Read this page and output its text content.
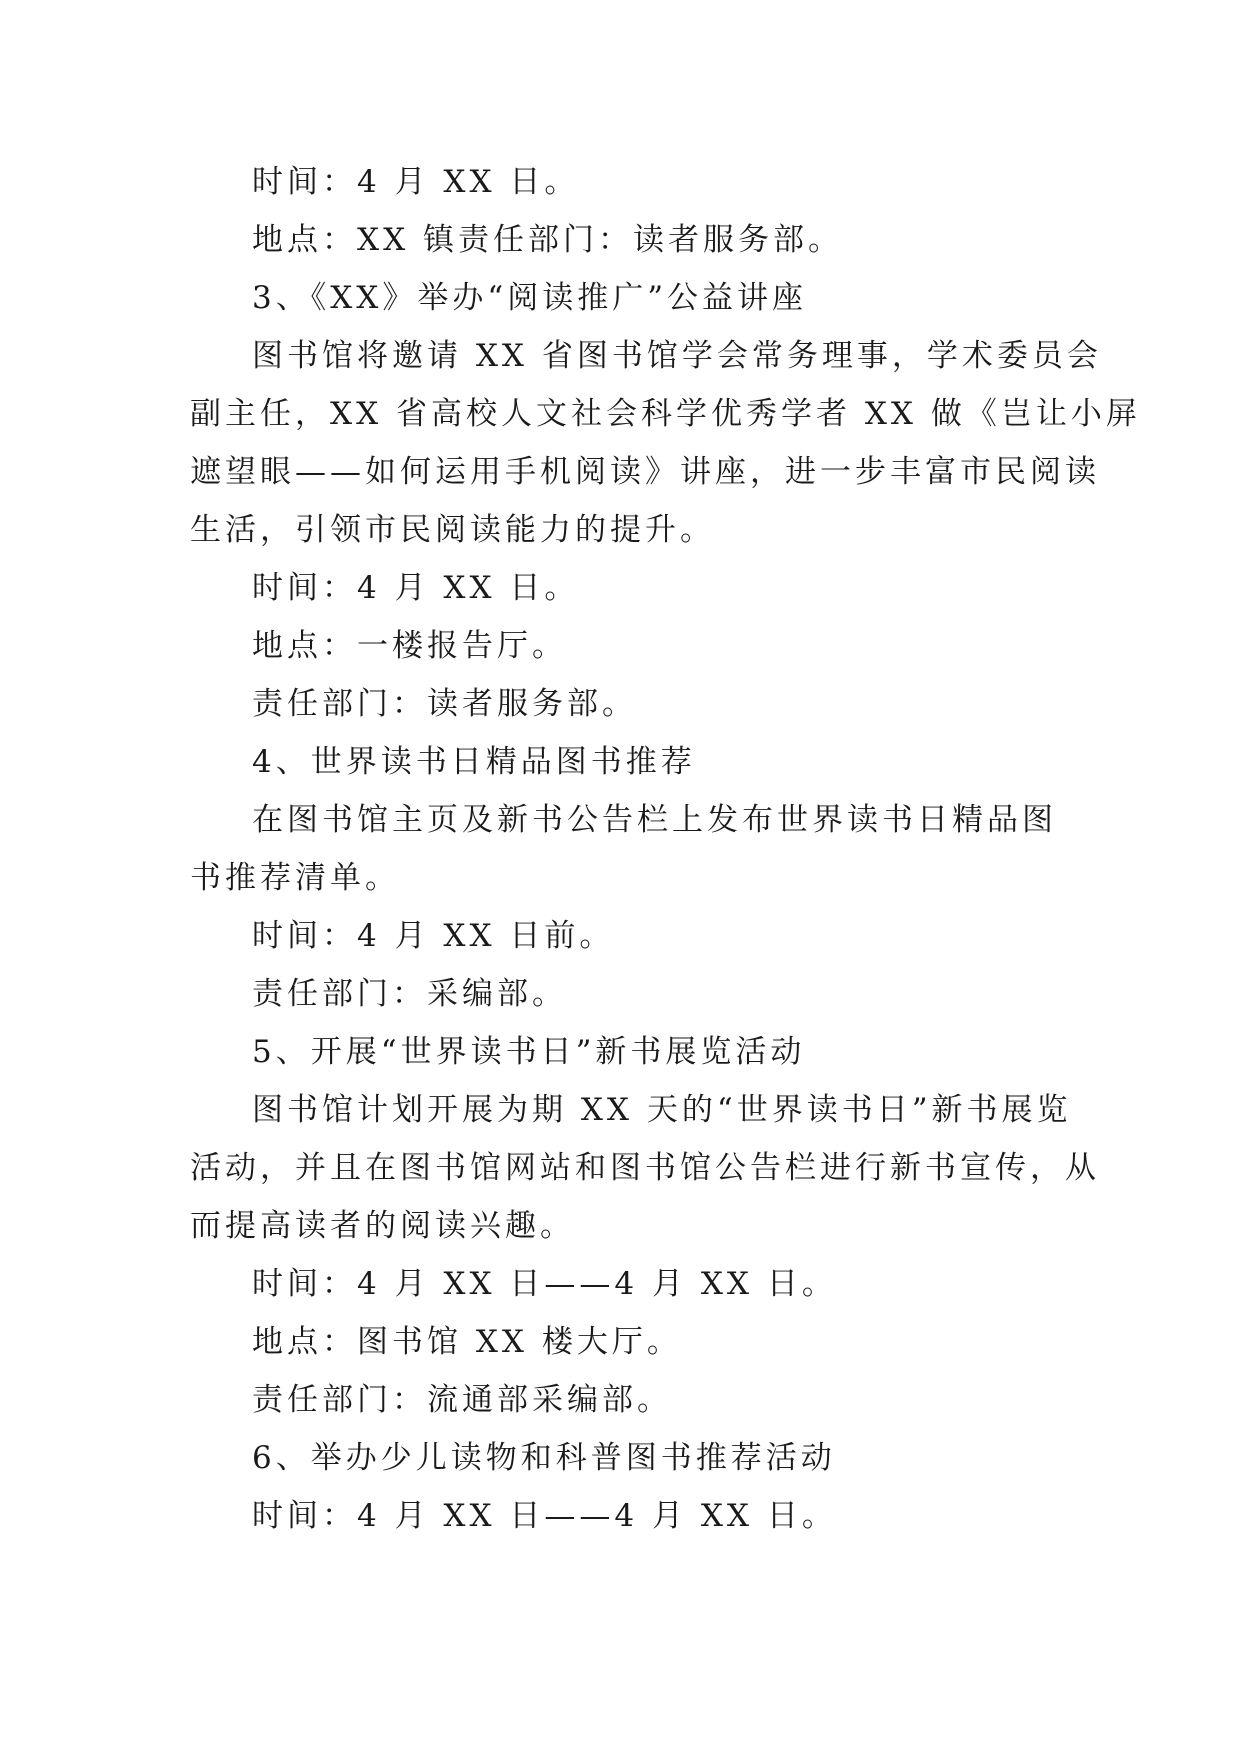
时间：4 月 XX 日。

地点：XX 镇责任部门：读者服务部。

3、《XX》举办“阅读推广”公益讲座

图书馆将邀请 XX 省图书馆学会常务理事，学术委员会

副主任，XX 省高校人文社会科学优秀学者 XX 做《岂让小屏

遮望眼——如何运用手机阅读》讲座，进一步丰富市民阅读

生活，引领市民阅读能力的提升。

时间：4 月 XX 日。

地点：一楼报告厅。

责任部门：读者服务部。

4、世界读书日精品图书推荐

在图书馆主页及新书公告栏上发布世界读书日精品图

书推荐清单。

时间：4 月 XX 日前。

责任部门：采编部。

5、开展“世界读书日”新书展览活动

图书馆计划开展为期 XX 天的“世界读书日”新书展览

活动，并且在图书馆网站和图书馆公告栏进行新书宣传，从

而提高读者的阅读兴趣。

时间：4 月 XX 日——4 月 XX 日。

地点：图书馆 XX 楼大厅。

责任部门：流通部采编部。

6、举办少儿读物和科普图书推荐活动

时间：4 月 XX 日——4 月 XX 日。
